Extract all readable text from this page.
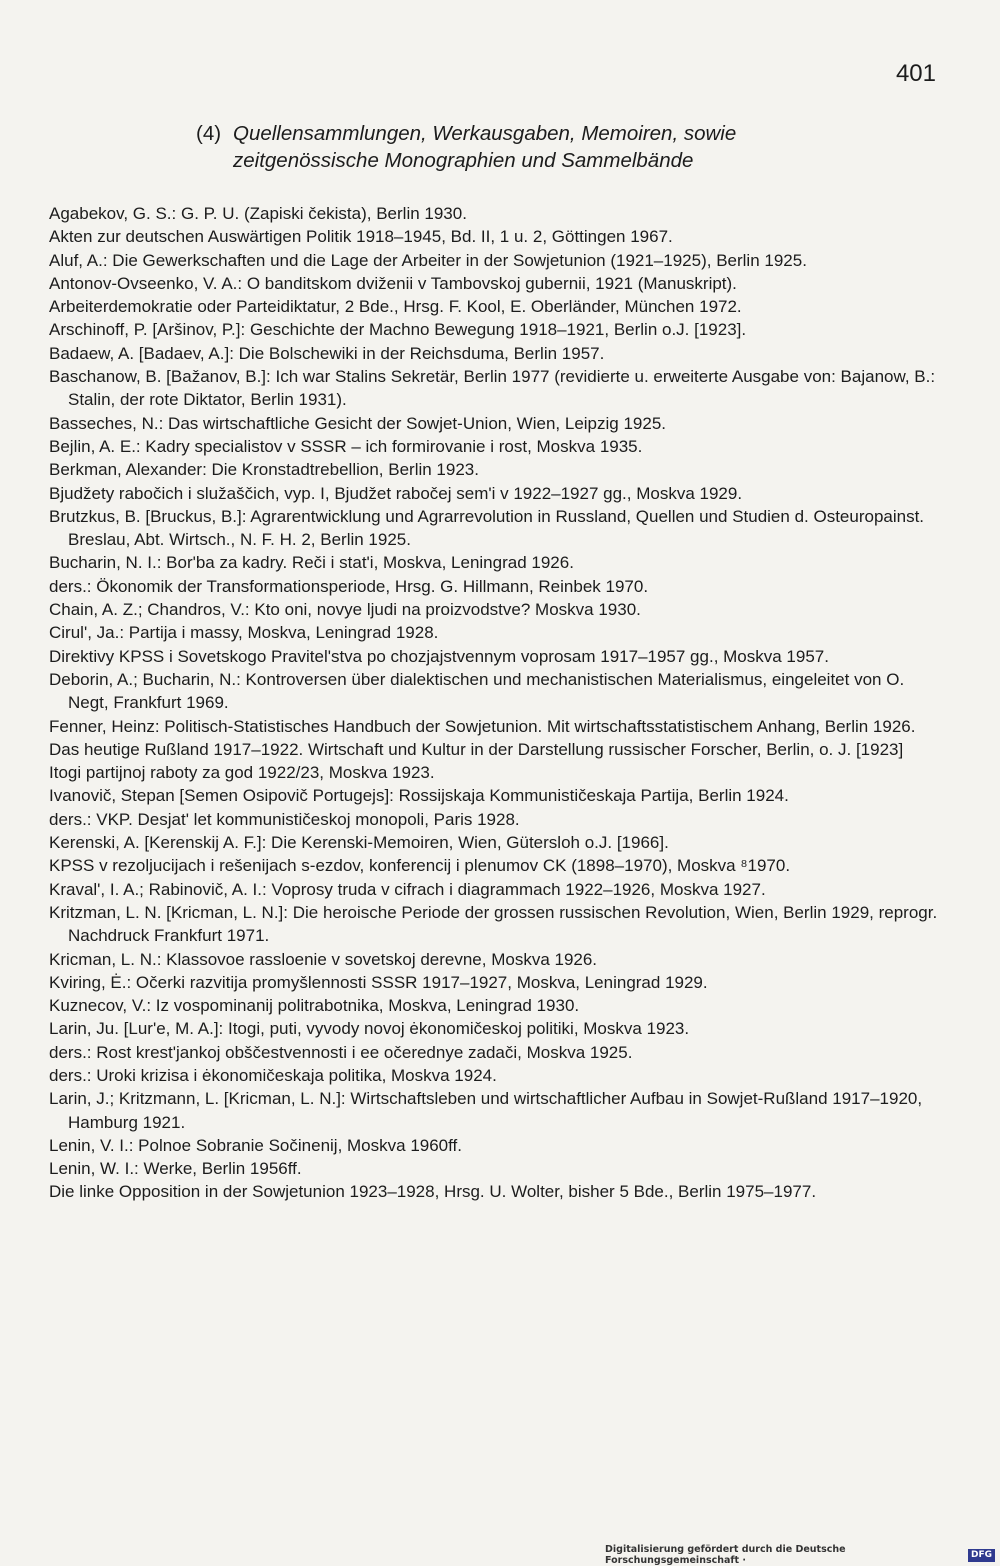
401
(4) Quellensammlungen, Werkausgaben, Memoiren, sowie
zeitgenössische Monographien und Sammelbände
Agabekov, G. S.: G. P. U. (Zapiski čekista), Berlin 1930.
Akten zur deutschen Auswärtigen Politik 1918–1945, Bd. II, 1 u. 2, Göttingen 1967.
Aluf, A.: Die Gewerkschaften und die Lage der Arbeiter in der Sowjetunion (1921–1925), Berlin 1925.
Antonov-Ovseenko, V. A.: O banditskom dviženii v Tambovskoj gubernii, 1921 (Manuskript).
Arbeiterdemokratie oder Parteidiktatur, 2 Bde., Hrsg. F. Kool, E. Oberländer, München 1972.
Arschinoff, P. [Aršinov, P.]: Geschichte der Machno Bewegung 1918–1921, Berlin o.J. [1923].
Badaew, A. [Badaev, A.]: Die Bolschewiki in der Reichsduma, Berlin 1957.
Baschanow, B. [Bažanov, B.]: Ich war Stalins Sekretär, Berlin 1977 (revidierte u. erweiterte Ausgabe von: Bajanow, B.: Stalin, der rote Diktator, Berlin 1931).
Basseches, N.: Das wirtschaftliche Gesicht der Sowjet-Union, Wien, Leipzig 1925.
Bejlin, A. E.: Kadry specialistov v SSSR – ich formirovanie i rost, Moskva 1935.
Berkman, Alexander: Die Kronstadtrebellion, Berlin 1923.
Bjudžety rabočich i služaščich, vyp. I, Bjudžet rabočej sem'i v 1922–1927 gg., Moskva 1929.
Brutzkus, B. [Bruckus, B.]: Agrarentwicklung und Agrarrevolution in Russland, Quellen und Studien d. Osteuropainst. Breslau, Abt. Wirtsch., N. F. H. 2, Berlin 1925.
Bucharin, N. I.: Bor'ba za kadry. Reči i stat'i, Moskva, Leningrad 1926.
ders.: Ökonomik der Transformationsperiode, Hrsg. G. Hillmann, Reinbek 1970.
Chain, A. Z.; Chandros, V.: Kto oni, novye ljudi na proizvodstve? Moskva 1930.
Cirul', Ja.: Partija i massy, Moskva, Leningrad 1928.
Direktivy KPSS i Sovetskogo Pravitel'stva po chozjajstvennym voprosam 1917–1957 gg., Moskva 1957.
Deborin, A.; Bucharin, N.: Kontroversen über dialektischen und mechanistischen Materialismus, eingeleitet von O. Negt, Frankfurt 1969.
Fenner, Heinz: Politisch-Statistisches Handbuch der Sowjetunion. Mit wirtschaftsstatistischem Anhang, Berlin 1926.
Das heutige Rußland 1917–1922. Wirtschaft und Kultur in der Darstellung russischer Forscher, Berlin, o. J. [1923]
Itogi partijnoj raboty za god 1922/23, Moskva 1923.
Ivanovič, Stepan [Semen Osipovič Portugejs]: Rossijskaja Kommunističeskaja Partija, Berlin 1924.
ders.: VKP. Desjat' let kommunističeskoj monopoli, Paris 1928.
Kerenski, A. [Kerenskij A. F.]: Die Kerenski-Memoiren, Wien, Gütersloh o.J. [1966].
KPSS v rezoljucijach i rešenijach s-ezdov, konferencij i plenumov CK (1898–1970), Moskva ⁸1970.
Kraval', I. A.; Rabinovič, A. I.: Voprosy truda v cifrach i diagrammach 1922–1926, Moskva 1927.
Kritzman, L. N. [Kricman, L. N.]: Die heroische Periode der grossen russischen Revolution, Wien, Berlin 1929, reprogr. Nachdruck Frankfurt 1971.
Kricman, L. N.: Klassovoe rassloenie v sovetskoj derevne, Moskva 1926.
Kviring, Ė.: Očerki razvitija promyšlennosti SSSR 1917–1927, Moskva, Leningrad 1929.
Kuznecov, V.: Iz vospominanij politrabotnika, Moskva, Leningrad 1930.
Larin, Ju. [Lur'e, M. A.]: Itogi, puti, vyvody novoj ėkonomičeskoj politiki, Moskva 1923.
ders.: Rost krest'jankoj obščestvennosti i ee očerednye zadači, Moskva 1925.
ders.: Uroki krizisa i ėkonomičeskaja politika, Moskva 1924.
Larin, J.; Kritzmann, L. [Kricman, L. N.]: Wirtschaftsleben und wirtschaftlicher Aufbau in Sowjet-Rußland 1917–1920, Hamburg 1921.
Lenin, V. I.: Polnoe Sobranie Sočinenij, Moskva 1960ff.
Lenin, W. I.: Werke, Berlin 1956ff.
Die linke Opposition in der Sowjetunion 1923–1928, Hrsg. U. Wolter, bisher 5 Bde., Berlin 1975–1977.
Digitalisierung gefördert durch die Deutsche Forschungsgemeinschaft ·
DFG
